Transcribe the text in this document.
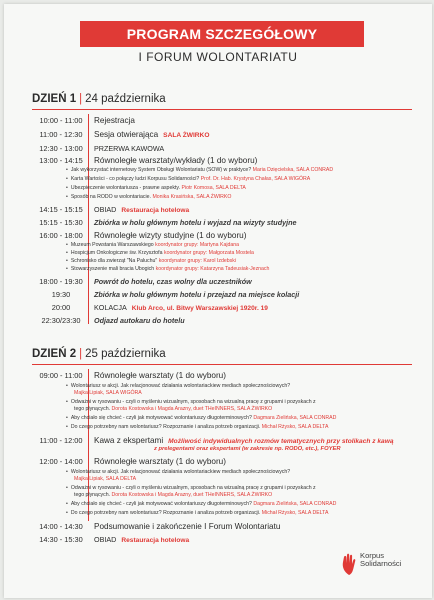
PROGRAM SZCZEGÓŁOWY
I FORUM WOLONTARIATU
DZIEŃ 1 | 24 października
10:00 - 11:00	Rejestracja
11:00 - 12:30	Sesja otwierająca SALA ŻWIRKO
12:30 - 13:00	PRZERWA KAWOWA
13:00 - 14:15	Równoległe warsztaty/wykłady (1 do wyboru)
• Jak wykorzystać internetowy System Obsługi Wolontariatu (SOW) w praktyce? Maria Dzięcielska, SALA CONRAD
• Karta Wartości - co połączy ludzi Korpusu Solidarności? Prof. Dr. Hab. Krystyna Chałas, SALA WIGÓRA
• Ubezpieczenie wolontariusza - prawne aspekty. Piotr Komosa, SALA DELTA
• Sposób na RODO w wolontariacie. Monika Krasińska, SALA ŻWIRKO
14:15 - 15:15	OBIAD Restauracja hotelowa
15:15 - 15:30	Zbiórka w holu głównym hotelu i wyjazd na wizyty studyjne
16:00 - 18:00	Równoległe wizyty studyjne (1 do wyboru)
• Muzeum Powstania Warszawskiego koordynator grupy: Martyna Kajdana
• Hospicjum Onkologiczne św. Krzysztofa koordynator grupy: Małgorzata Mostela
• Schronisko dla zwierząt "Na Paluchu" koordynator grupy: Karol Izdebski
• Stowarzyszenie mali bracia Ubogich koordynator grupy: Katarzyna Tadeusiak-Jeznach
18:00 - 19:30	Powrót do hotelu, czas wolny dla uczestników
19:30	Zbiórka w holu głównym hotelu i przejazd na miejsce kolacji
20:00	KOLACJA Klub Arco, ul. Bitwy Warszawskiej 1920r. 19
22:30/23:30	Odjazd autokaru do hotelu
DZIEŃ 2 | 25 października
09:00 - 11:00	Równoległe warsztaty (1 do wyboru)
• Wolontariusz w akcji. Jak relacjonować działania wolontariackiew mediach społecznościowych?
Majka Lipiak, SALA WIGÓRA
• Odważni w rysowaniu - czyli o myśleniu wizualnym, sposobach na wizualną pracę z grupami i pozyskach z
tego płynących. Dorota Kostowska i Magda Arazny, duet THeINNERS, SALA ŻWIRKO
• Aby chciało się chcieć - czyli jak motywować wolontariuszy długoterminowych? Dagmara Zielińska, SALA CONRAD
• Do czego potrzebny nam wolontariusz? Rozpoznanie i analiza potrzeb organizacji. Michał Rżysko, SALA DELTA
11:00 - 12:00	Kawa z ekspertami Możliwość indywidualnych rozmów tematycznych przy stolikach z kawą
z prelegentami oraz ekspertami (w zakresie np. RODO, etc.), FOYER
12:00 - 14:00	Równoległe warsztaty (1 do wyboru)
• Wolontariusz w akcji. Jak relacjonować działania wolontariackiew mediach społecznościowych?
Majka Lipiak, SALA DELTA
• Odważni w rysowaniu - czyli o myśleniu wizualnym, sposobach na wizualną pracę z grupami i pozyskach z
tego płynących. Dorota Kostowska i Magda Arazny, duet THeINNERS, SALA ŻWIRKO
• Aby chciało się chcieć - czyli jak motywować wolontariuszy długoterminowych? Dagmara Zielińska, SALA CONRAD
• Do czego potrzebny nam wolontariusz? Rozpoznanie i analiza potrzeb organizacji. Michał Rżysko, SALA DELTA
14:00 - 14:30	Podsumowanie i zakończenie I Forum Wolontariatu
14:30 - 15:30	OBIAD Restauracja hotelowa
Korpus
Solidarności
